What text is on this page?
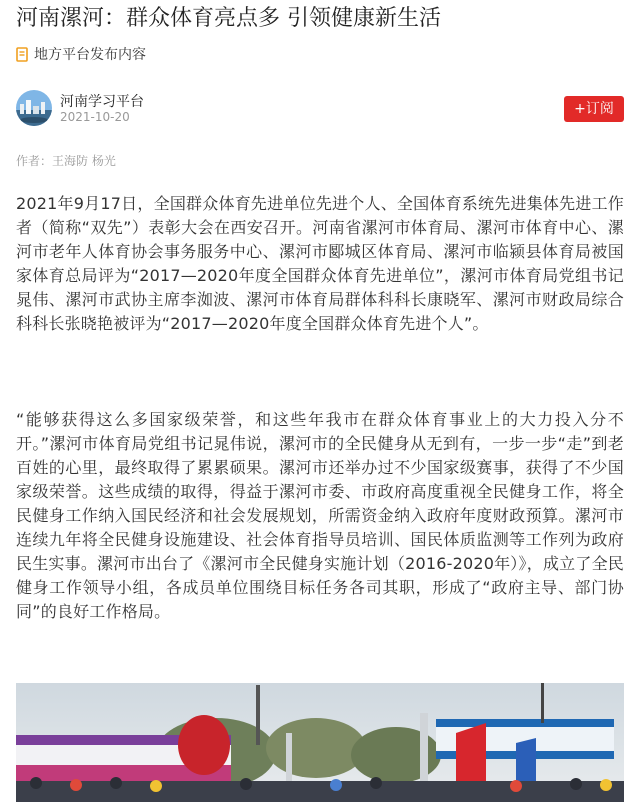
河南漯河：群众体育亮点多 引领健康新生活
地方平台发布内容
河南学习平台
2021-10-20	+订阅
作者：王海防 杨光

2021年9月17日，全国群众体育先进单位先进个人、全国体育系统先进集体先进工作者（简称“双先”）表彰大会在西安召开。河南省漯河市体育局、漯河市体育中心、漯河市老年人体育协会事务服务中心、漯河市郾城区体育局、漯河市临颍县体育局被国家体育总局评为“2017—2020年度全国群众体育先进单位”，漯河市体育局党组书记晁伟、漯河市武协主席李洳波、漯河市体育局群体科科长康晓军、漯河市财政局综合科科长张晓艳被评为“2017—2020年度全国群众体育先进个人”。

“能够获得这么多国家级荣誉，和这些年我市在群众体育事业上的大力投入分不开。”漯河市体育局党组书记晁伟说，漯河市的全民健身从无到有，一步一步“走”到老百姓的心里，最终取得了累累硕果。漯河市还举办过不少国家级赛事，获得了不少国家级荣誉。这些成绩的取得，得益于漯河市委、市政府高度重视全民健身工作，将全民健身工作纳入国民经济和社会发展规划，所需资金纳入政府年度财政预算。漯河市连续九年将全民健身设施建设、社会体育指导员培训、国民体质监测等工作列为政府民生实事。漯河市出台了《漯河市全民健身实施计划（2016-2020年）》，成立了全民健身工作领导小组，各成员单位围绕目标任务各司其职，形成了“政府主导、部门协同”的良好工作格局。
